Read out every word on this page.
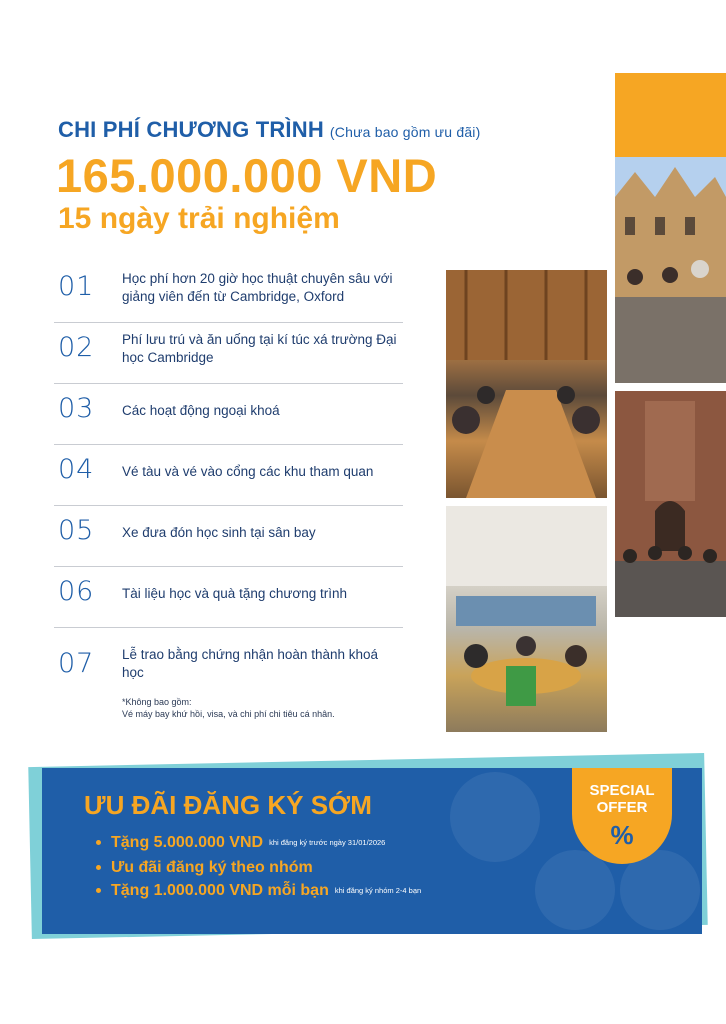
CHI PHÍ CHƯƠNG TRÌNH (Chưa bao gồm ưu đãi)
165.000.000 VND
15 ngày trải nghiệm
01 Học phí hơn 20 giờ học thuật chuyên sâu với giảng viên đến từ Cambridge, Oxford
02 Phí lưu trú và ăn uống tại kí túc xá trường Đại học Cambridge
03 Các hoạt động ngoại khoá
04 Vé tàu và vé vào cổng các khu tham quan
05 Xe đưa đón học sinh tại sân bay
06 Tài liệu học và quà tặng chương trình
07 Lễ trao bằng chứng nhận hoàn thành khoá học
*Không bao gồm:
Vé máy bay khứ hồi, visa, và chi phí chi tiêu cá nhân.
ƯU ĐÃI ĐĂNG KÝ SỚM
Tặng 5.000.000 VND khi đăng ký trước ngày 31/01/2026
Ưu đãi đăng ký theo nhóm
Tặng 1.000.000 VND mỗi bạn khi đăng ký nhóm 2-4 bạn
SPECIAL
OFFER
%
